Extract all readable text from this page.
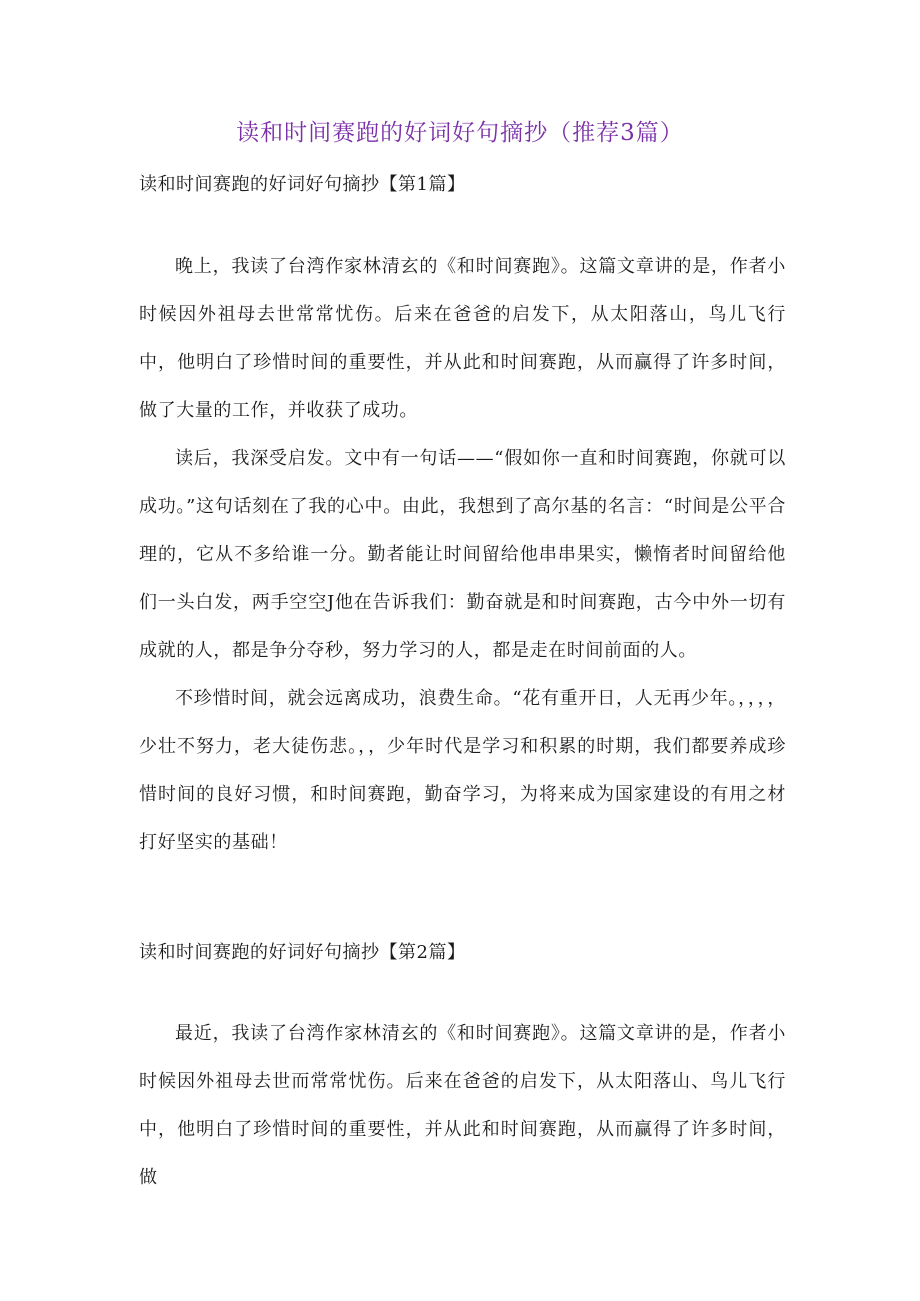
读和时间赛跑的好词好句摘抄（推荐3篇）
读和时间赛跑的好词好句摘抄【第1篇】

晚上，我读了台湾作家林清玄的《和时间赛跑》。这篇文章讲的是，作者小时候因外祖母去世常常忧伤。后来在爸爸的启发下，从太阳落山，鸟儿飞行中，他明白了珍惜时间的重要性，并从此和时间赛跑，从而赢得了许多时间，做了大量的工作，并收获了成功。

读后，我深受启发。文中有一句话——“假如你一直和时间赛跑，你就可以成功。”这句话刻在了我的心中。由此，我想到了高尔基的名言：“时间是公平合理的，它从不多给谁一分。勤者能让时间留给他串串果实，懒惰者时间留给他们一头白发，两手空空J他在告诉我们：勤奋就是和时间赛跑，古今中外一切有成就的人，都是争分夺秒，努力学习的人，都是走在时间前面的人。

不珍惜时间，就会远离成功，浪费生命。“花有重开日，人无再少年。，，，，少壮不努力，老大徒伤悲。，，少年时代是学习和积累的时期，我们都要养成珍惜时间的良好习惯，和时间赛跑，勤奋学习，为将来成为国家建设的有用之材打好坚实的基础！

读和时间赛跑的好词好句摘抄【第2篇】

最近，我读了台湾作家林清玄的《和时间赛跑》。这篇文章讲的是，作者小时候因外祖母去世而常常忧伤。后来在爸爸的启发下，从太阳落山、鸟儿飞行中，他明白了珍惜时间的重要性，并从此和时间赛跑，从而赢得了许多时间，做
